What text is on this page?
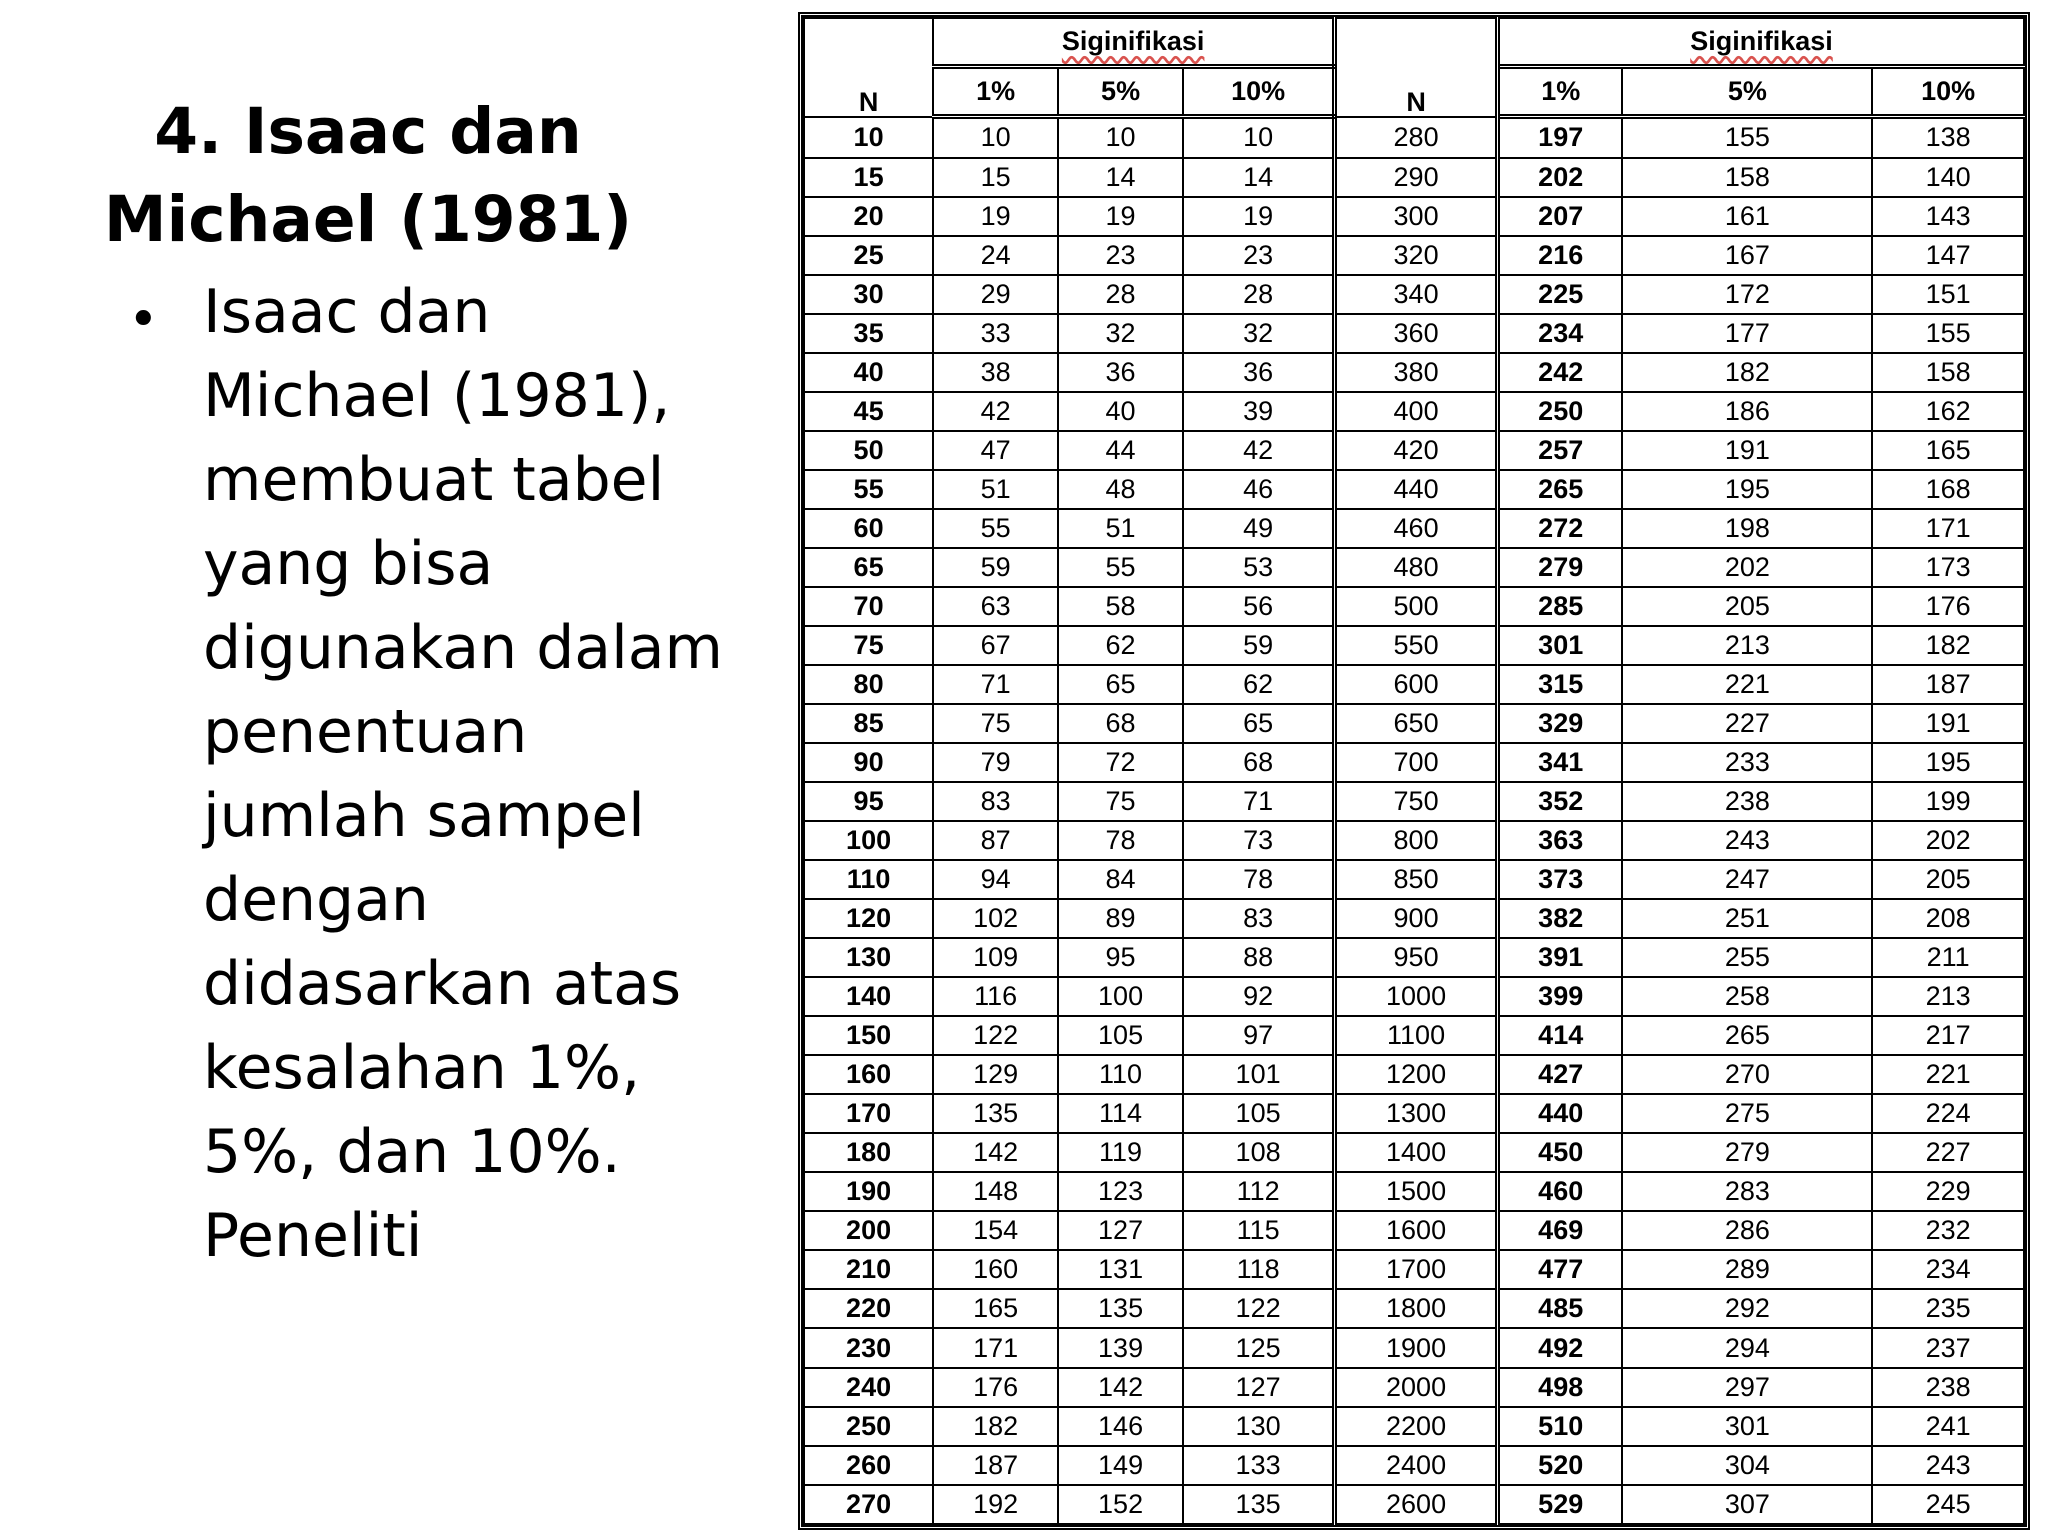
4. Isaac dan Michael (1981)
• Isaac dan Michael (1981), membuat tabel yang bisa digunakan dalam penentuan jumlah sampel dengan didasarkan atas kesalahan 1%, 5%, dan 10%. Peneliti

N	Siginifikasi			N	Siginifikasi		
	1%	5%	10%		1%	5%	10%
10	10	10	10	280	197	155	138
15	15	14	14	290	202	158	140
20	19	19	19	300	207	161	143
25	24	23	23	320	216	167	147
30	29	28	28	340	225	172	151
35	33	32	32	360	234	177	155
40	38	36	36	380	242	182	158
45	42	40	39	400	250	186	162
50	47	44	42	420	257	191	165
55	51	48	46	440	265	195	168
60	55	51	49	460	272	198	171
65	59	55	53	480	279	202	173
70	63	58	56	500	285	205	176
75	67	62	59	550	301	213	182
80	71	65	62	600	315	221	187
85	75	68	65	650	329	227	191
90	79	72	68	700	341	233	195
95	83	75	71	750	352	238	199
100	87	78	73	800	363	243	202
110	94	84	78	850	373	247	205
120	102	89	83	900	382	251	208
130	109	95	88	950	391	255	211
140	116	100	92	1000	399	258	213
150	122	105	97	1100	414	265	217
160	129	110	101	1200	427	270	221
170	135	114	105	1300	440	275	224
180	142	119	108	1400	450	279	227
190	148	123	112	1500	460	283	229
200	154	127	115	1600	469	286	232
210	160	131	118	1700	477	289	234
220	165	135	122	1800	485	292	235
230	171	139	125	1900	492	294	237
240	176	142	127	2000	498	297	238
250	182	146	130	2200	510	301	241
260	187	149	133	2400	520	304	243
270	192	152	135	2600	529	307	245
